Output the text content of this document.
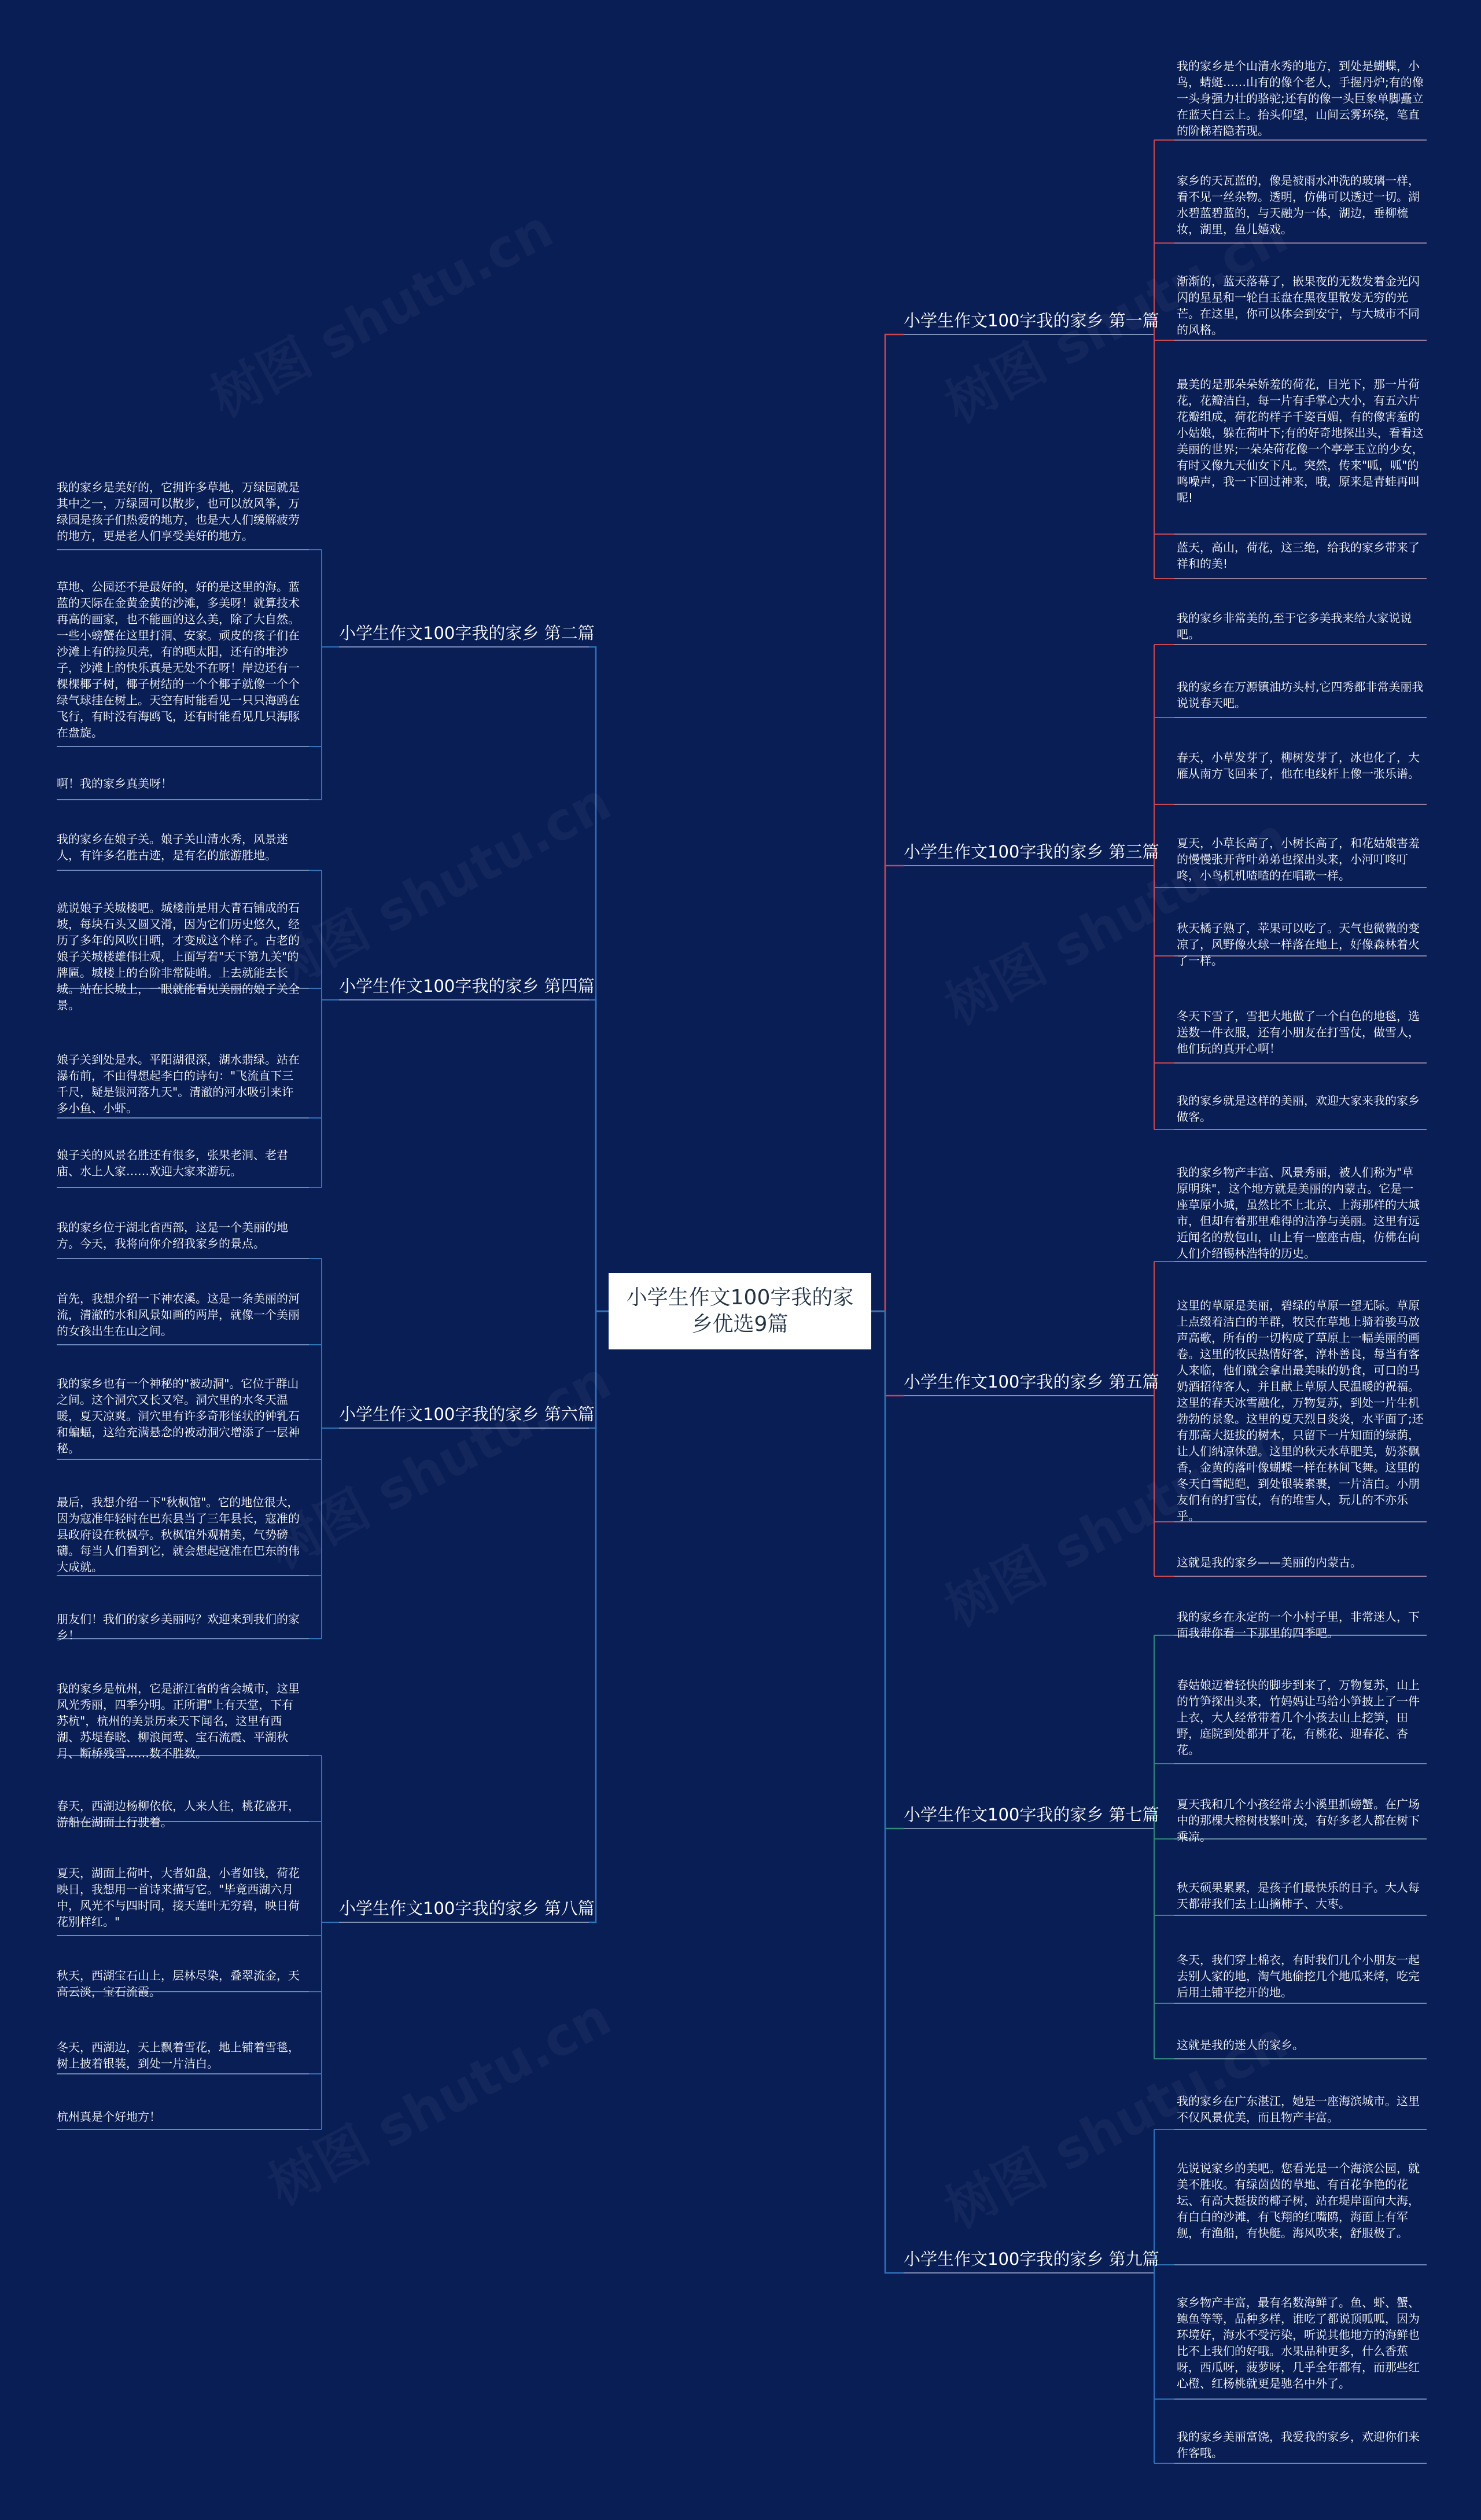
小学生作文100字我的家乡优选9篇
小学生作文100字我的家乡 第一篇
我的家乡是个山清水秀的地方，到处是蝴蝶，小鸟，蜻蜓……山有的像个老人，手握丹炉;有的像一头身强力壮的骆驼;还有的像一头巨象单脚矗立在蓝天白云上。抬头仰望，山间云雾环绕，笔直的阶梯若隐若现。
家乡的天瓦蓝的，像是被雨水冲洗的玻璃一样，看不见一丝杂物。透明，仿佛可以透过一切。湖水碧蓝碧蓝的，与天融为一体，湖边，垂柳梳妆，湖里，鱼儿嬉戏。
渐渐的，蓝天落幕了，嵌果夜的无数发着金光闪闪的星星和一轮白玉盘在黑夜里散发无穷的光芒。在这里，你可以体会到安宁，与大城市不同的风格。
最美的是那朵朵娇羞的荷花，目光下，那一片荷花，花瓣洁白，每一片有手掌心大小，有五六片花瓣组成，荷花的样子千姿百媚，有的像害羞的小姑娘，躲在荷叶下;有的好奇地探出头，看看这美丽的世界;一朵朵荷花像一个亭亭玉立的少女，有时又像九天仙女下凡。突然，传来"呱，呱"的鸣噪声，我一下回过神来，哦，原来是青蛙再叫呢!
蓝天，高山，荷花，这三绝，给我的家乡带来了祥和的美!
小学生作文100字我的家乡 第二篇
我的家乡是美好的，它拥许多草地，万绿园就是其中之一，万绿园可以散步，也可以放风筝，万绿园是孩子们热爱的地方，也是大人们缓解疲劳的地方，更是老人们享受美好的地方。
草地、公园还不是最好的，好的是这里的海。蓝蓝的天际在金黄金黄的沙滩，多美呀！就算技术再高的画家，也不能画的这么美，除了大自然。一些小螃蟹在这里打洞、安家。顽皮的孩子们在沙滩上有的捡贝壳，有的晒太阳，还有的堆沙子，沙滩上的快乐真是无处不在呀！岸边还有一棵棵椰子树，椰子树结的一个个椰子就像一个个绿气球挂在树上。天空有时能看见一只只海鸥在飞行，有时没有海鸥飞，还有时能看见几只海豚在盘旋。
啊！我的家乡真美呀！
小学生作文100字我的家乡 第三篇
我的家乡非常美的,至于它多美我来给大家说说吧。
我的家乡在万源镇油坊头村,它四秀都非常美丽我说说春天吧。
春天，小草发芽了，柳树发芽了，冰也化了，大雁从南方飞回来了，他在电线杆上像一张乐谱。
夏天，小草长高了，小树长高了，和花姑娘害羞的慢慢张开背叶弟弟也探出头来，小河叮咚叮咚，小鸟机机喳喳的在唱歌一样。
秋天橘子熟了，苹果可以吃了。天气也微微的变凉了，风野像火球一样落在地上，好像森林着火了一样。
冬天下雪了，雪把大地做了一个白色的地毯，选送数一件衣服，还有小朋友在打雪仗，做雪人，他们玩的真开心啊！
我的家乡就是这样的美丽，欢迎大家来我的家乡做客。
小学生作文100字我的家乡 第四篇
我的家乡在娘子关。娘子关山清水秀，风景迷人，有许多名胜古迹，是有名的旅游胜地。
就说娘子关城楼吧。城楼前是用大青石铺成的石坡，每块石头又圆又滑，因为它们历史悠久，经历了多年的风吹日晒，才变成这个样子。古老的娘子关城楼雄伟壮观，上面写着"天下第九关"的牌匾。城楼上的台阶非常陡峭。上去就能去长城。站在长城上，一眼就能看见美丽的娘子关全景。
娘子关到处是水。平阳湖很深，湖水翡绿。站在瀑布前，不由得想起李白的诗句："飞流直下三千尺，疑是银河落九天"。清澈的河水吸引来许多小鱼、小虾。
娘子关的风景名胜还有很多，张果老洞、老君庙、水上人家……欢迎大家来游玩。
小学生作文100字我的家乡 第五篇
我的家乡物产丰富、风景秀丽，被人们称为"草原明珠"，这个地方就是美丽的内蒙古。它是一座草原小城，虽然比不上北京、上海那样的大城市，但却有着那里难得的洁净与美丽。这里有远近闻名的敖包山，山上有一座座古庙，仿佛在向人们介绍锡林浩特的历史。
这里的草原是美丽，碧绿的草原一望无际。草原上点缀着洁白的羊群，牧民在草地上骑着骏马放声高歌，所有的一切构成了草原上一幅美丽的画卷。这里的牧民热情好客，淳朴善良，每当有客人来临，他们就会拿出最美味的奶食，可口的马奶酒招待客人，并且献上草原人民温暖的祝福。这里的春天冰雪融化，万物复苏，到处一片生机勃勃的景象。这里的夏天烈日炎炎，水平面了;还有那高大挺拔的树木，只留下一片知面的绿荫，让人们纳凉休憩。这里的秋天水草肥美，奶茶飘香，金黄的落叶像蝴蝶一样在林间飞舞。这里的冬天白雪皑皑，到处银装素裹，一片洁白。小朋友们有的打雪仗，有的堆雪人，玩儿的不亦乐乎。
这就是我的家乡——美丽的内蒙古。
小学生作文100字我的家乡 第六篇
我的家乡位于湖北省西部，这是一个美丽的地方。今天，我将向你介绍我家乡的景点。
首先，我想介绍一下神农溪。这是一条美丽的河流，清澈的水和风景如画的两岸，就像一个美丽的女孩出生在山之间。
我的家乡也有一个神秘的"被动洞"。它位于群山之间。这个洞穴又长又窄。洞穴里的水冬天温暖，夏天凉爽。洞穴里有许多奇形怪状的钟乳石和蝙蝠，这给充满悬念的被动洞穴增添了一层神秘。
最后，我想介绍一下"秋枫馆"。它的地位很大，因为寇准年轻时在巴东县当了三年县长，寇准的县政府设在秋枫亭。秋枫馆外观精美，气势磅礴。每当人们看到它，就会想起寇准在巴东的伟大成就。
朋友们！我们的家乡美丽吗？欢迎来到我们的家乡！
小学生作文100字我的家乡 第七篇
我的家乡在永定的一个小村子里，非常迷人，下面我带你看一下那里的四季吧。
春姑娘迈着轻快的脚步到来了，万物复苏，山上的竹笋探出头来，竹妈妈让马给小笋披上了一件上衣，大人经常带着几个小孩去山上挖笋，田野，庭院到处都开了花，有桃花、迎春花、杏花。
夏天我和几个小孩经常去小溪里抓螃蟹。在广场中的那棵大榕树枝繁叶茂，有好多老人都在树下乘凉。
秋天硕果累累，是孩子们最快乐的日子。大人每天都带我们去上山摘柿子、大枣。
冬天，我们穿上棉衣，有时我们几个小朋友一起去别人家的地，淘气地偷挖几个地瓜来烤，吃完后用土铺平挖开的地。
这就是我的迷人的家乡。
小学生作文100字我的家乡 第八篇
我的家乡是杭州，它是浙江省的省会城市，这里风光秀丽，四季分明。正所谓"上有天堂，下有苏杭"，杭州的美景历来天下闻名，这里有西湖、苏堤春晓、柳浪闻莺、宝石流霞、平湖秋月、断桥残雪……数不胜数。
春天，西湖边杨柳依依，人来人往，桃花盛开，游船在湖面上行驶着。
夏天，湖面上荷叶，大者如盘，小者如钱，荷花映日，我想用一首诗来描写它。"毕竟西湖六月中，风光不与四时同，接天莲叶无穷碧，映日荷花别样红。"
秋天，西湖宝石山上，层林尽染，叠翠流金，天高云淡，宝石流霞。
冬天，西湖边，天上飘着雪花，地上铺着雪毯，树上披着银装，到处一片洁白。
杭州真是个好地方！
小学生作文100字我的家乡 第九篇
我的家乡在广东湛江，她是一座海滨城市。这里不仅风景优美，而且物产丰富。
先说说家乡的美吧。您看光是一个海滨公园，就美不胜收。有绿茵茵的草地、有百花争艳的花坛、有高大挺拔的椰子树，站在堤岸面向大海，有白白的沙滩，有飞翔的红嘴鸥，海面上有军舰，有渔船，有快艇。海风吹来，舒服极了。
家乡物产丰富，最有名数海鲜了。鱼、虾、蟹、鲍鱼等等，品种多样，谁吃了都说顶呱呱，因为环境好，海水不受污染，听说其他地方的海鲜也比不上我们的好哦。水果品种更多，什么香蕉呀，西瓜呀，菠萝呀，几乎全年都有，而那些红心橙、红杨桃就更是驰名中外了。
我的家乡美丽富饶，我爱我的家乡，欢迎你们来作客哦。
